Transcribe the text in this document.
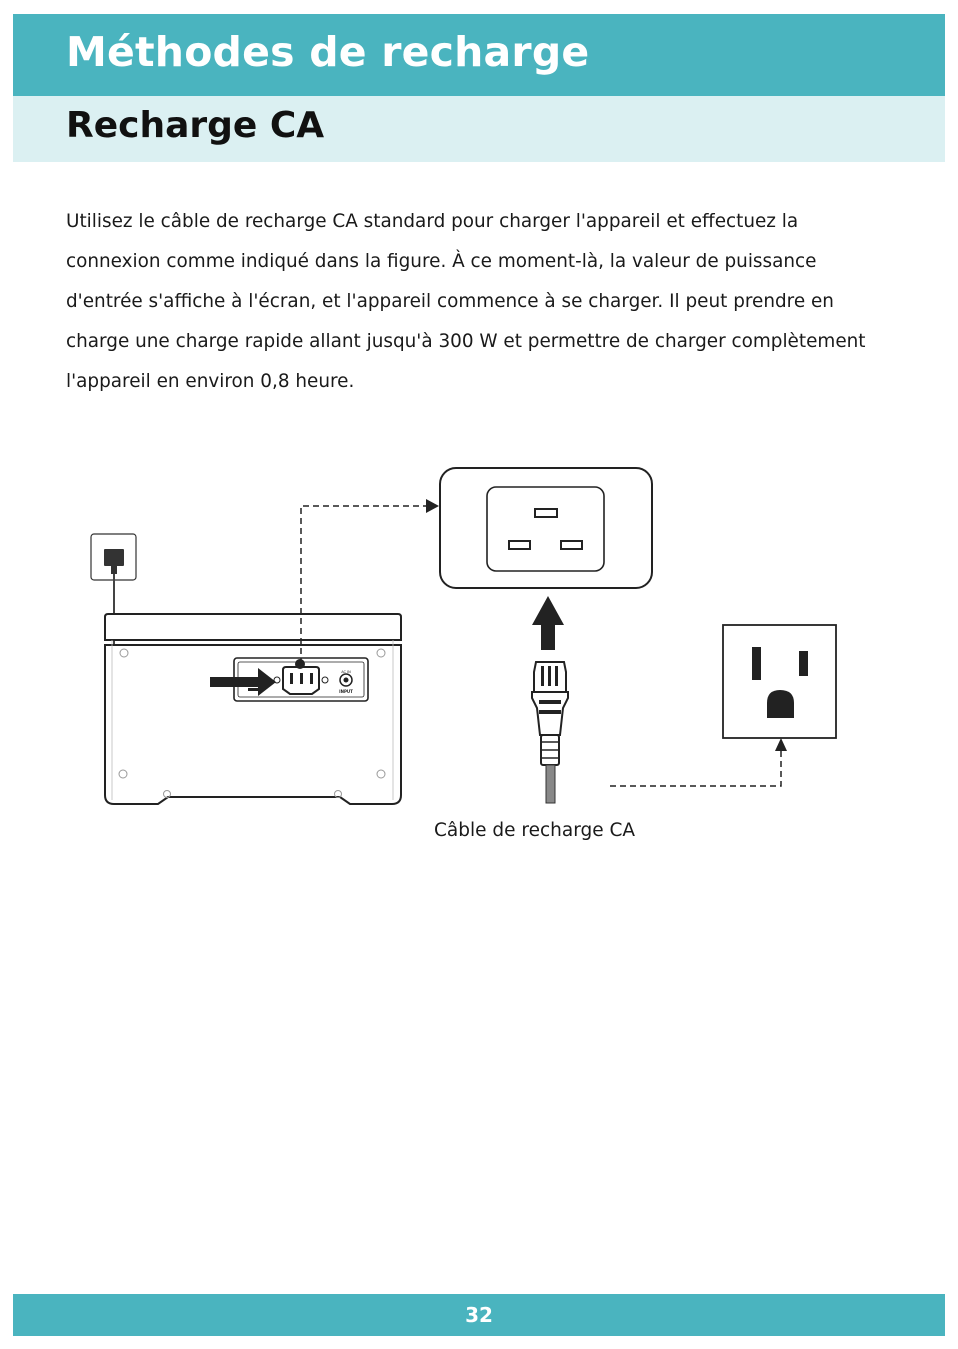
Méthodes de recharge
Recharge CA

Utilisez le câble de recharge CA standard pour charger l'appareil et effectuez la connexion comme indiqué dans la figure. À ce moment-là, la valeur de puissance d'entrée s'affiche à l'écran, et l'appareil commence à se charger. Il peut prendre en charge une charge rapide allant jusqu'à 300 W et permettre de charger complètement l'appareil en environ 0,8 heure.

AC IN
INPUT
Câble de recharge CA
32
